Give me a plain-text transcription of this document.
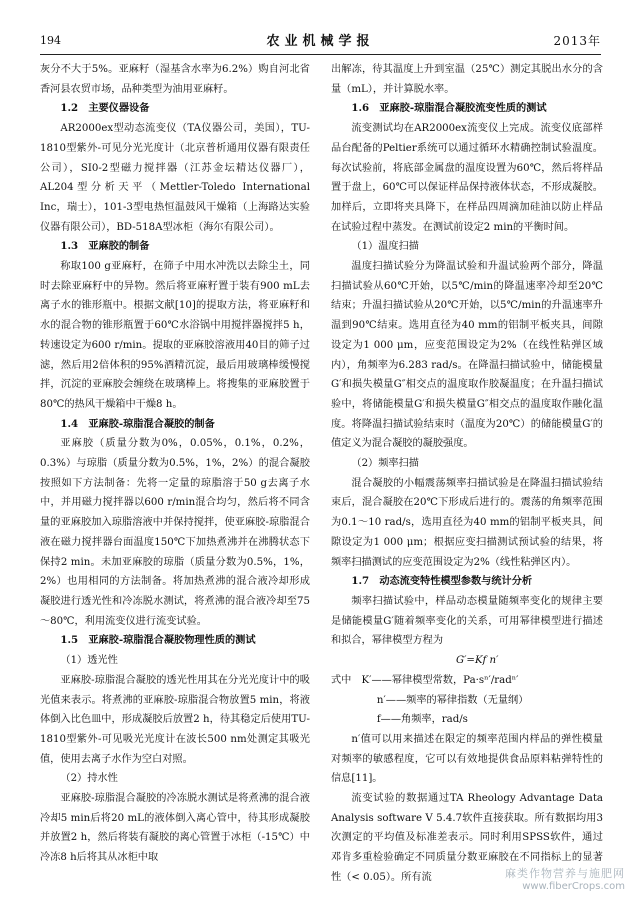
194	农业机械学报	2013年

灰分不大于5%。亚麻籽（湿基含水率为6.2%）购自河北省香河县农贸市场，品种类型为油用亚麻籽。

1.2 主要仪器设备

AR2000ex型动态流变仪（TA仪器公司，美国），TU-1810型紫外-可见分光光度计（北京普析通用仪器有限责任公司），SI0-2型磁力搅拌器（江苏金坛精达仪器厂），AL204型分析天平（Mettler-Toledo International Inc，瑞士），101-3型电热恒温鼓风干燥箱（上海路达实验仪器有限公司），BD-518A型冰柜（海尔有限公司）。

1.3 亚麻胶的制备

称取100 g亚麻籽，在筛子中用水冲洗以去除尘土，同时去除亚麻籽中的异物。然后将亚麻籽置于装有900 mL去离子水的锥形瓶中。根据文献[10]的提取方法，将亚麻籽和水的混合物的锥形瓶置于60℃水浴锅中用搅拌器搅拌5 h，转速设定为600 r/min。提取的亚麻胶溶液用40目的筛子过滤，然后用2倍体积的95%酒精沉淀，最后用玻璃棒缓慢搅拌，沉淀的亚麻胶会缠绕在玻璃棒上。将搜集的亚麻胶置于80℃的热风干燥箱中干燥8 h。

1.4 亚麻胶-琼脂混合凝胶的制备

亚麻胶（质量分数为0%，0.05%，0.1%，0.2%，0.3%）与琼脂（质量分数为0.5%，1%，2%）的混合凝胶按照如下方法制备：先将一定量的琼脂溶于50 g去离子水中，并用磁力搅拌器以600 r/min混合均匀，然后将不同含量的亚麻胶加入琼脂溶液中并保持搅拌，使亚麻胶-琼脂混合液在磁力搅拌器台面温度150℃下加热煮沸并在沸腾状态下保持2 min。未加亚麻胶的琼脂（质量分数为0.5%，1%，2%）也用相同的方法制备。将加热煮沸的混合液冷却形成凝胶进行透光性和冷冻脱水测试，将煮沸的混合液冷却至75～80℃，利用流变仪进行流变试验。

1.5 亚麻胶-琼脂混合凝胶物理性质的测试

（1）透光性

亚麻胶-琼脂混合凝胶的透光性用其在分光光度计中的吸光值来表示。将煮沸的亚麻胶-琼脂混合物放置5 min，将液体倒入比色皿中，形成凝胶后放置2 h，待其稳定后使用TU-1810型紫外-可见吸光光度计在波长500 nm处测定其吸光值，使用去离子水作为空白对照。

（2）持水性

亚麻胶-琼脂混合凝胶的冷冻脱水测试是将煮沸的混合液冷却5 min后将20 mL的液体倒入离心管中，待其形成凝胶并放置2 h，然后将装有凝胶的离心管置于冰柜（-15℃）中冷冻8 h后将其从冰柜中取

出解冻，待其温度上升到室温（25℃）测定其脱出水分的含量（mL），并计算脱水率。

1.6 亚麻胶-琼脂混合凝胶流变性质的测试

流变测试均在AR2000ex流变仪上完成。流变仪底部样品台配备的Peltier系统可以通过循环水精确控制试验温度。每次试验前，将底部金属盘的温度设置为60℃，然后将样品置于盘上，60℃可以保证样品保持液体状态，不形成凝胶。加样后，立即将夹具降下，在样品四周滴加硅油以防止样品在试验过程中蒸发。在测试前设定2 min的平衡时间。

（1）温度扫描

温度扫描试验分为降温试验和升温试验两个部分，降温扫描试验从60℃开始，以5℃/min的降温速率冷却至20℃结束；升温扫描试验从20℃开始，以5℃/min的升温速率升温到90℃结束。选用直径为40 mm的铝制平板夹具，间隙设定为1 000 μm，应变范围设定为2%（在线性粘弹区域内），角频率为6.283 rad/s。在降温扫描试验中，储能模量G′和损失模量G″相交点的温度取作胶凝温度；在升温扫描试验中，将储能模量G′和损失模量G″相交点的温度取作融化温度。将降温扫描试验结束时（温度为20℃）的储能模量G′的值定义为混合凝胶的凝胶强度。

（2）频率扫描

混合凝胶的小幅震荡频率扫描试验是在降温扫描试验结束后，混合凝胶在20℃下形成后进行的。震荡的角频率范围为0.1～10 rad/s，选用直径为40 mm的铝制平板夹具，间隙设定为1 000 μm；根据应变扫描测试预试验的结果，将频率扫描测试的应变范围设定为2%（线性粘弹区内）。

1.7 动态流变特性模型参数与统计分析

频率扫描试验中，样品动态模量随频率变化的规律主要是储能模量G′随着频率变化的关系，可用幂律模型进行描述和拟合，幂律模型方程为

G′=Kf n′

式中　K′——幂律模型常数，Pa·sⁿ′/radⁿ′

n′——频率的幂律指数（无量纲）

f——角频率，rad/s

n′值可以用来描述在限定的频率范围内样品的弹性模量对频率的敏感程度，它可以有效地提供食品原料粘弹特性的信息[11]。

流变试验的数据通过TA Rheology Advantage Data Analysis software V 5.4.7软件直接获取。所有数据均用3次测定的平均值及标准差表示。同时利用SPSS软件，通过邓肯多重检验确定不同质量分数亚麻胶在不同指标上的显著性（< 0.05）。所有流	麻类作物营养与施肥网
www.fiberCrops.com
